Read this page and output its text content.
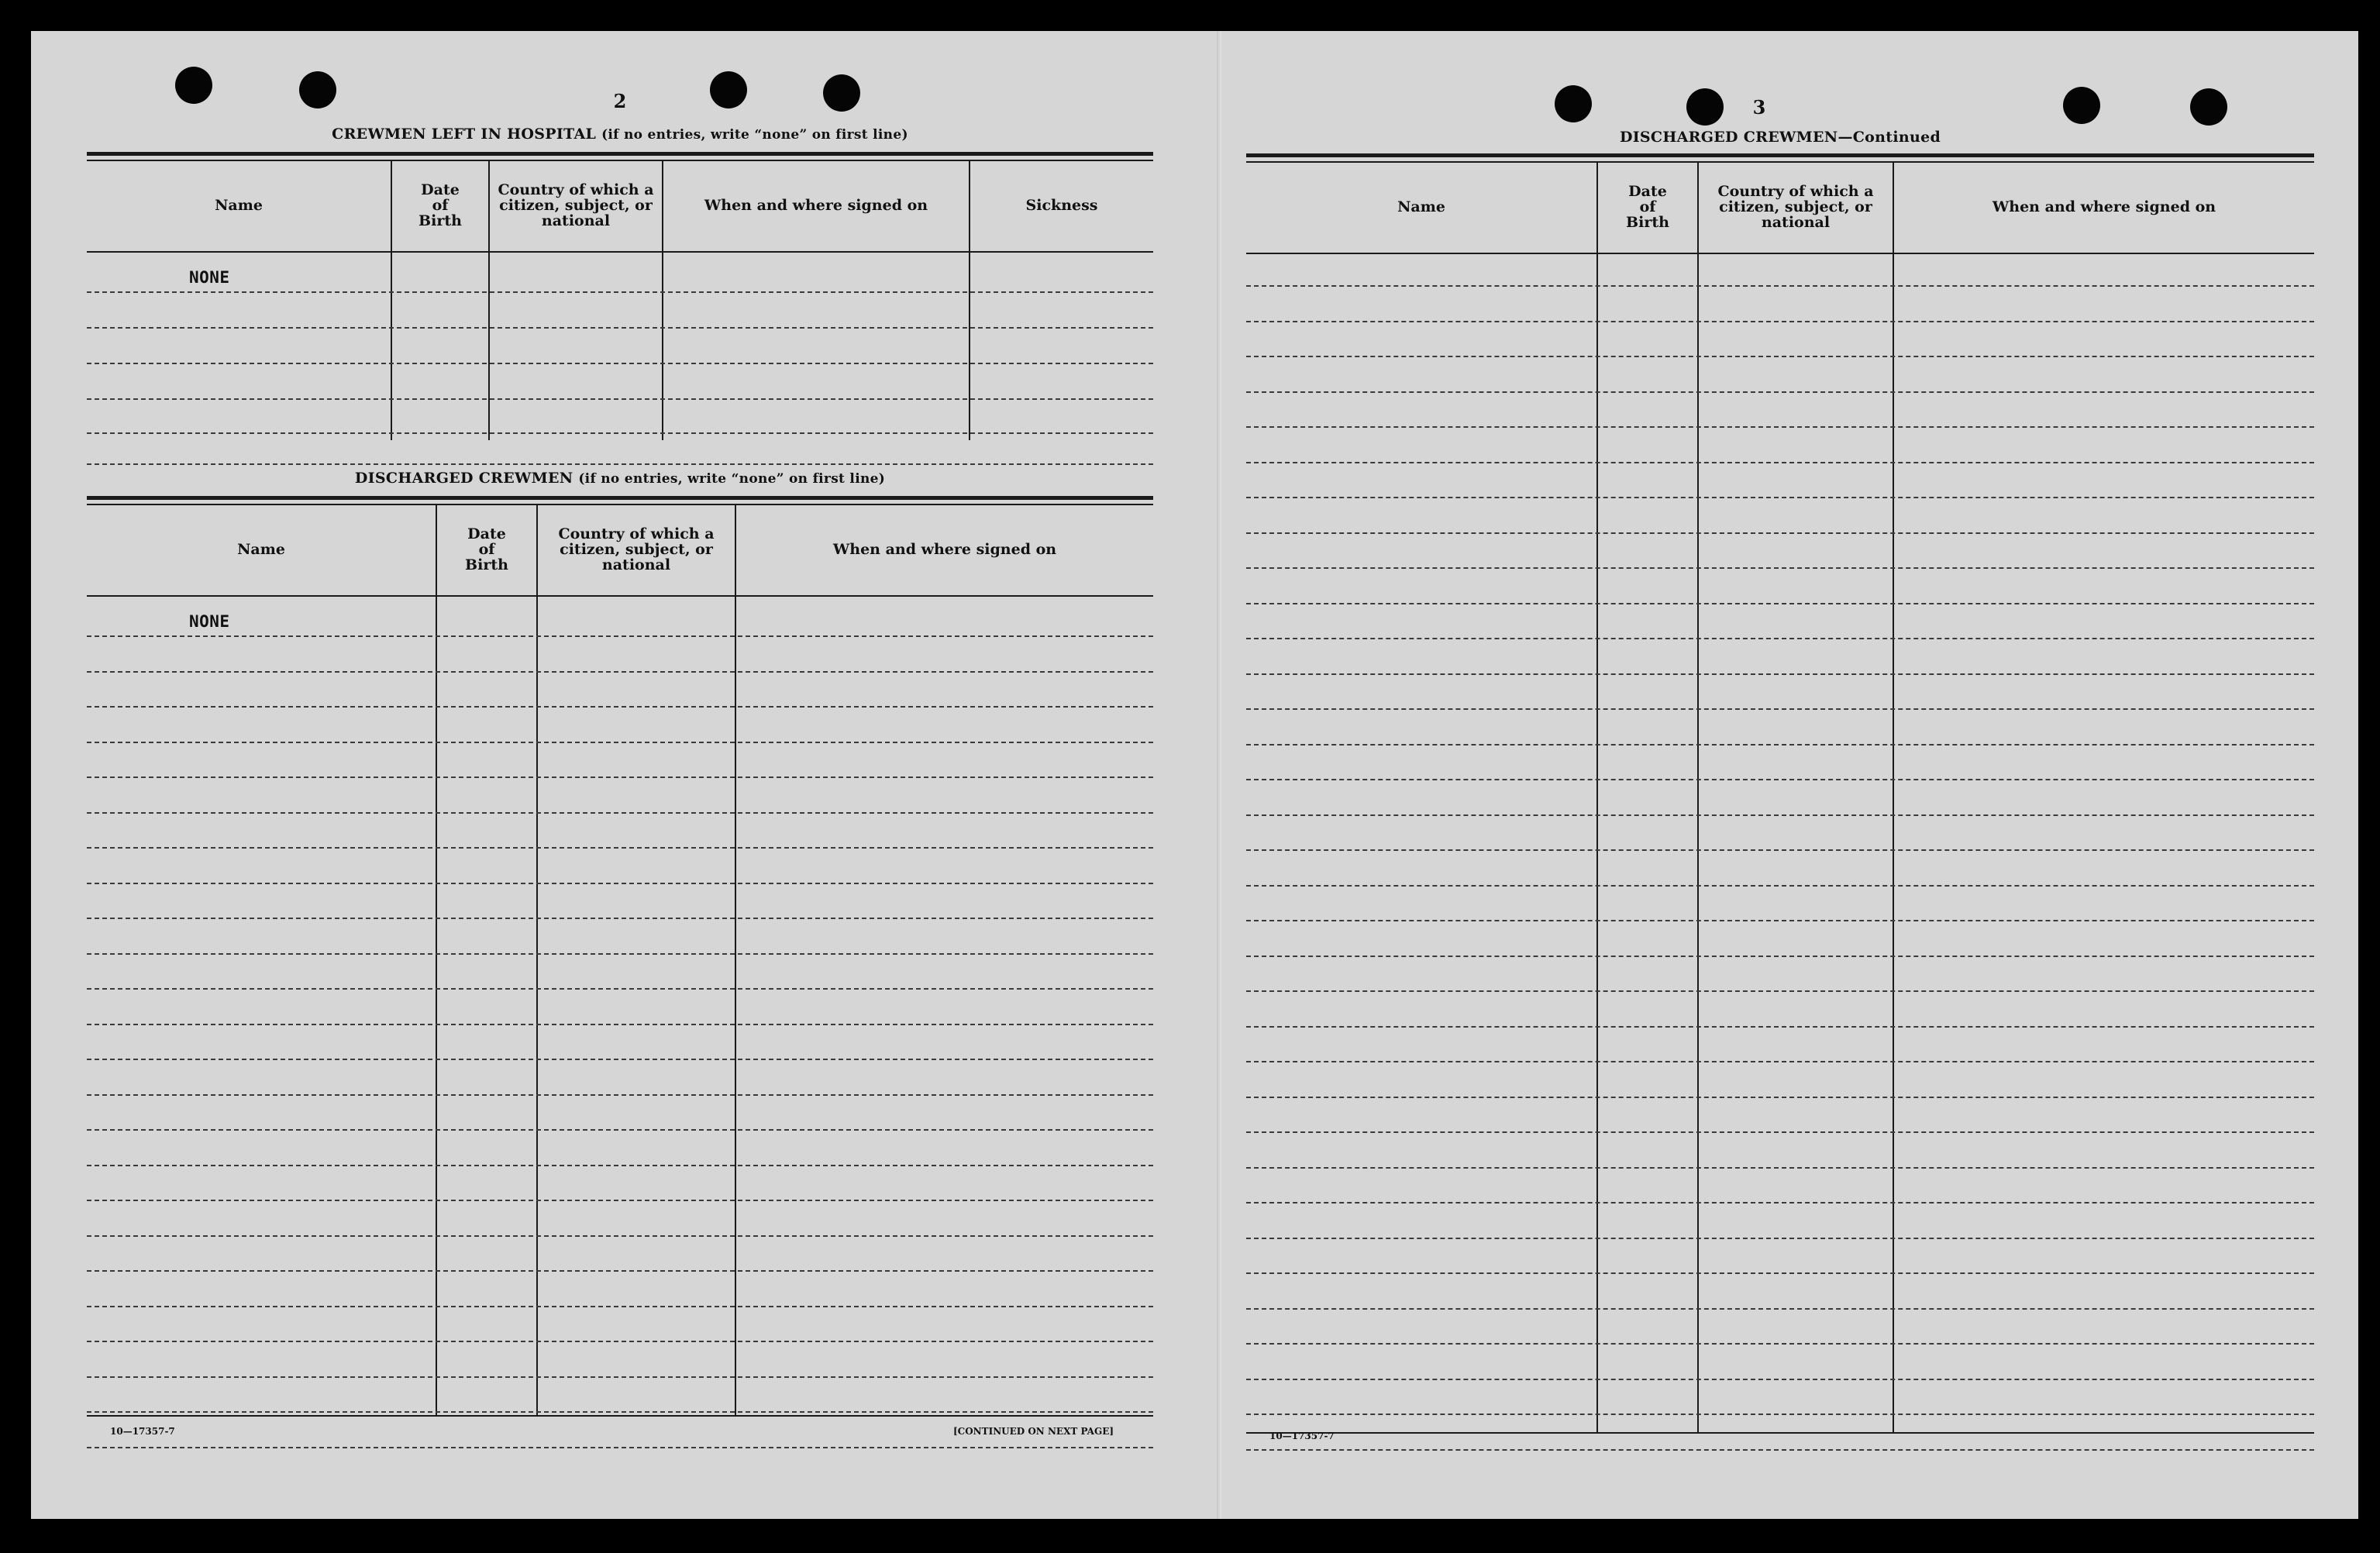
2
CREWMEN LEFT IN HOSPITAL (if no entries, write “none” on first line)
Name
Date
of
Birth
Country of which a
citizen, subject, or
national
When and where signed on	Sickness
NONE
DISCHARGED CREWMEN (if no entries, write “none” on first line)
Name
Date
of
Birth
Country of which a
citizen, subject, or
national
When and where signed on
NONE
10—17357-7	[CONTINUED ON NEXT PAGE]
3
DISCHARGED CREWMEN—Continued
Name
Date
of
Birth
Country of which a
citizen, subject, or
national
When and where signed on
10—17357-7
